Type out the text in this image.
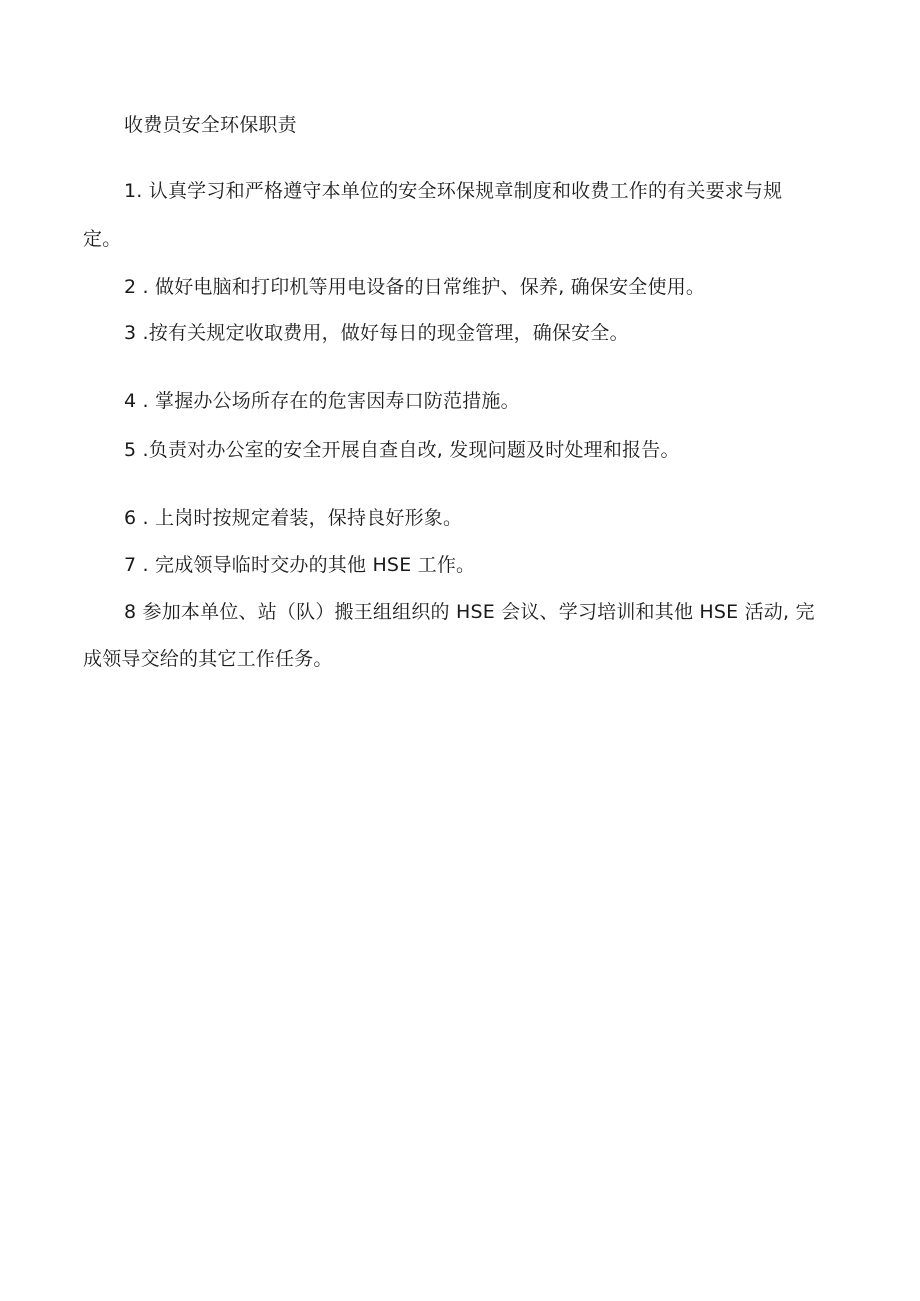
收费员安全环保职责
1. 认真学习和严格遵守本单位的安全环保规章制度和收费工作的有关要求与规
定。
2 . 做好电脑和打印机等用电设备的日常维护、保养, 确保安全使用。
3 .按有关规定收取费用，做好每日的现金管理，确保安全。
4 . 掌握办公场所存在的危害因寿口防范措施。
5 .负责对办公室的安全开展自查自改, 发现问题及时处理和报告。
6 . 上岗时按规定着装，保持良好形象。
7 . 完成领导临时交办的其他 HSE 工作。
8 参加本单位、站（队）搬王组组织的 HSE 会议、学习培训和其他 HSE 活动, 完
成领导交给的其它工作任务。
